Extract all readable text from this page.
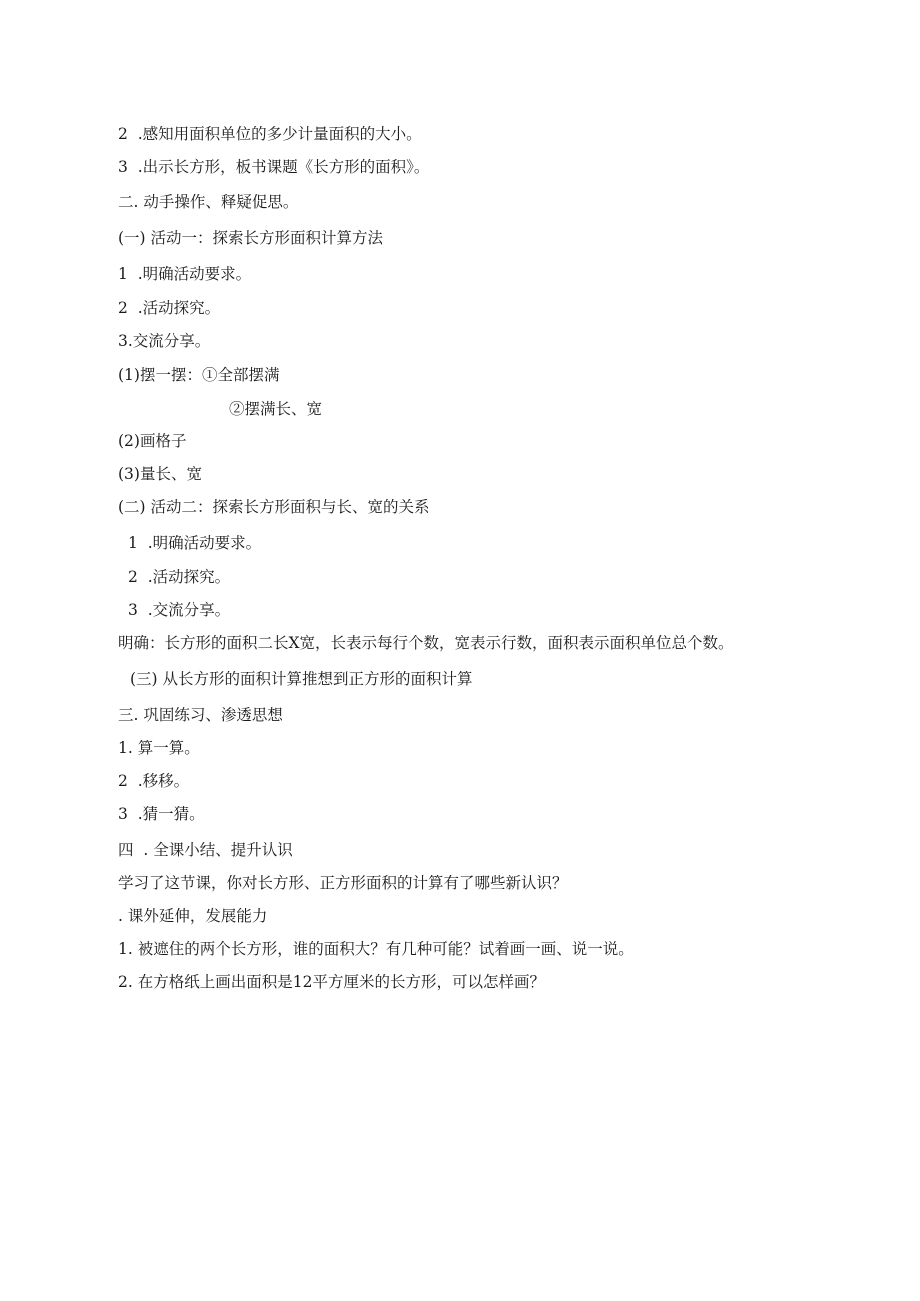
2  .感知用面积单位的多少计量面积的大小。
3  .出示长方形，板书课题《长方形的面积》。
二. 动手操作、释疑促思。
(一) 活动一：探索长方形面积计算方法
1  .明确活动要求。
2  .活动探究。
3.交流分享。
(1)摆一摆：①全部摆满
②摆满长、宽
(2)画格子
(3)量长、宽
(二) 活动二：探索长方形面积与长、宽的关系
1  .明确活动要求。
2  .活动探究。
3  .交流分享。
明确：长方形的面积二长X宽，长表示每行个数，宽表示行数，面积表示面积单位总个数。
(三) 从长方形的面积计算推想到正方形的面积计算
三. 巩固练习、渗透思想
1. 算一算。
2  .移移。
3  .猜一猜。
四  . 全课小结、提升认识
学习了这节课，你对长方形、正方形面积的计算有了哪些新认识？
. 课外延伸，发展能力
1. 被遮住的两个长方形，谁的面积大？有几种可能？试着画一画、说一说。
2. 在方格纸上画出面积是12平方厘米的长方形，可以怎样画？
